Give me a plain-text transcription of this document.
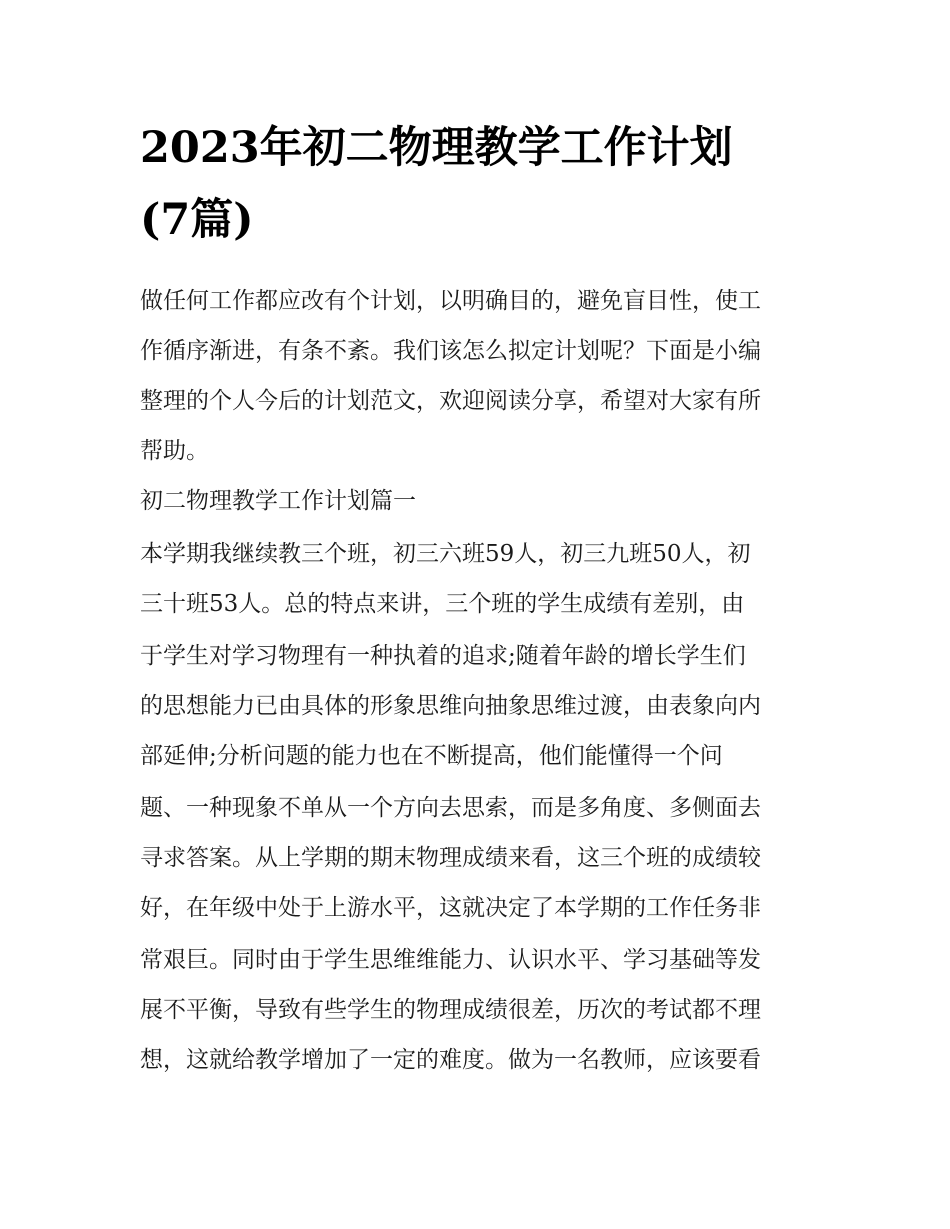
2023年初二物理教学工作计划
(7篇)

做任何工作都应改有个计划，以明确目的，避免盲目性，使工

作循序渐进，有条不紊。我们该怎么拟定计划呢？下面是小编

整理的个人今后的计划范文，欢迎阅读分享，希望对大家有所

帮助。

初二物理教学工作计划篇一

本学期我继续教三个班，初三六班59人，初三九班50人，初

三十班53人。总的特点来讲，三个班的学生成绩有差别，由

于学生对学习物理有一种执着的追求;随着年龄的增长学生们

的思想能力已由具体的形象思维向抽象思维过渡，由表象向内

部延伸;分析问题的能力也在不断提高，他们能懂得一个问

题、一种现象不单从一个方向去思索，而是多角度、多侧面去

寻求答案。从上学期的期末物理成绩来看，这三个班的成绩较

好，在年级中处于上游水平，这就决定了本学期的工作任务非

常艰巨。同时由于学生思维维能力、认识水平、学习基础等发

展不平衡，导致有些学生的物理成绩很差，历次的考试都不理

想，这就给教学增加了一定的难度。做为一名教师，应该要看
